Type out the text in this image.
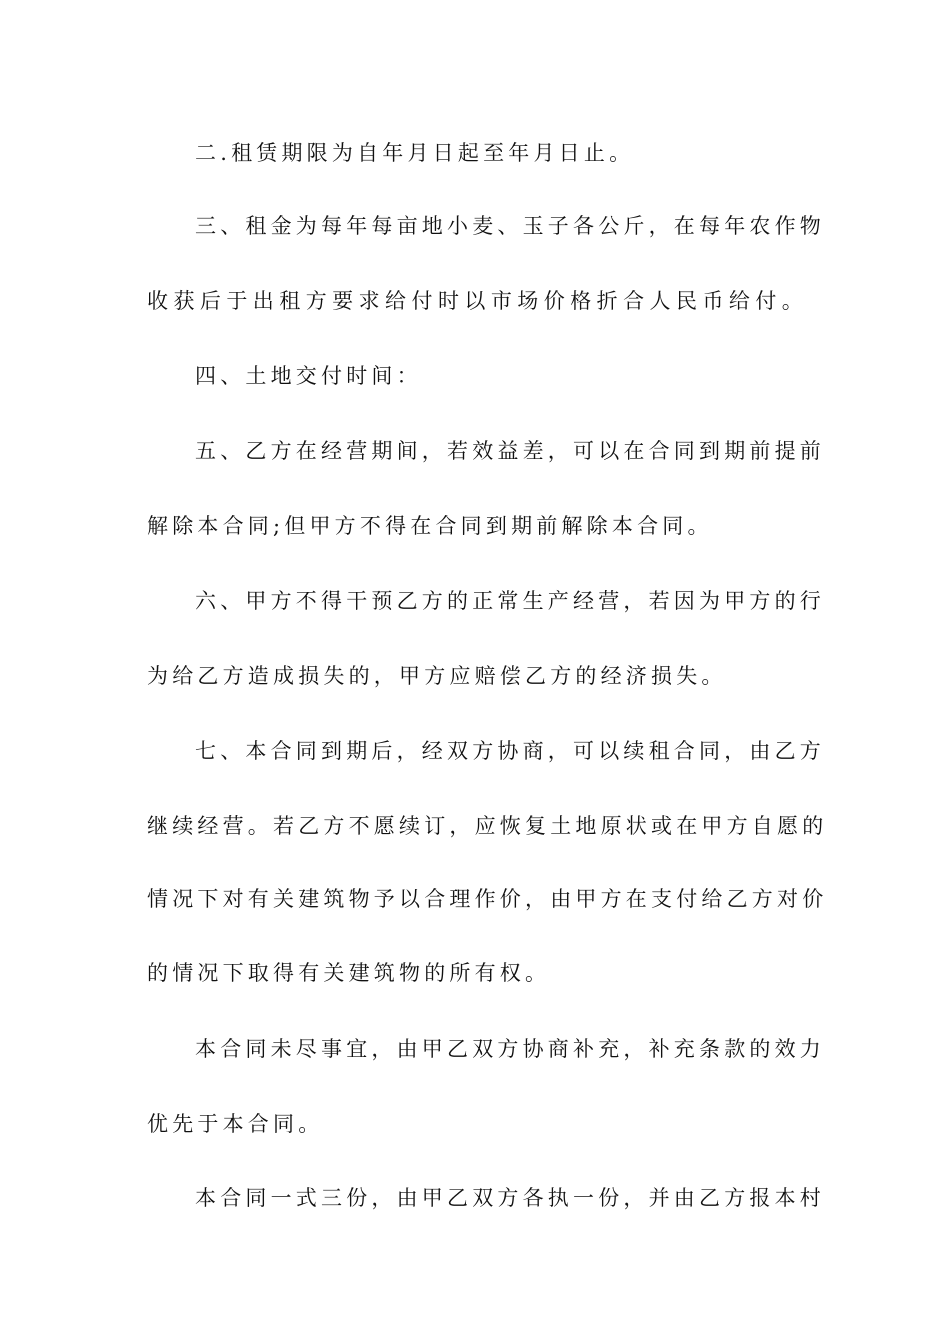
二.租赁期限为自年月日起至年月日止。
三、租金为每年每亩地小麦、玉子各公斤，在每年农作物
收获后于出租方要求给付时以市场价格折合人民币给付。
四、土地交付时间：
五、乙方在经营期间，若效益差，可以在合同到期前提前
解除本合同;但甲方不得在合同到期前解除本合同。
六、甲方不得干预乙方的正常生产经营，若因为甲方的行
为给乙方造成损失的，甲方应赔偿乙方的经济损失。
七、本合同到期后，经双方协商，可以续租合同，由乙方
继续经营。若乙方不愿续订，应恢复土地原状或在甲方自愿的
情况下对有关建筑物予以合理作价，由甲方在支付给乙方对价
的情况下取得有关建筑物的所有权。
本合同未尽事宜，由甲乙双方协商补充，补充条款的效力
优先于本合同。
本合同一式三份，由甲乙双方各执一份，并由乙方报本村
